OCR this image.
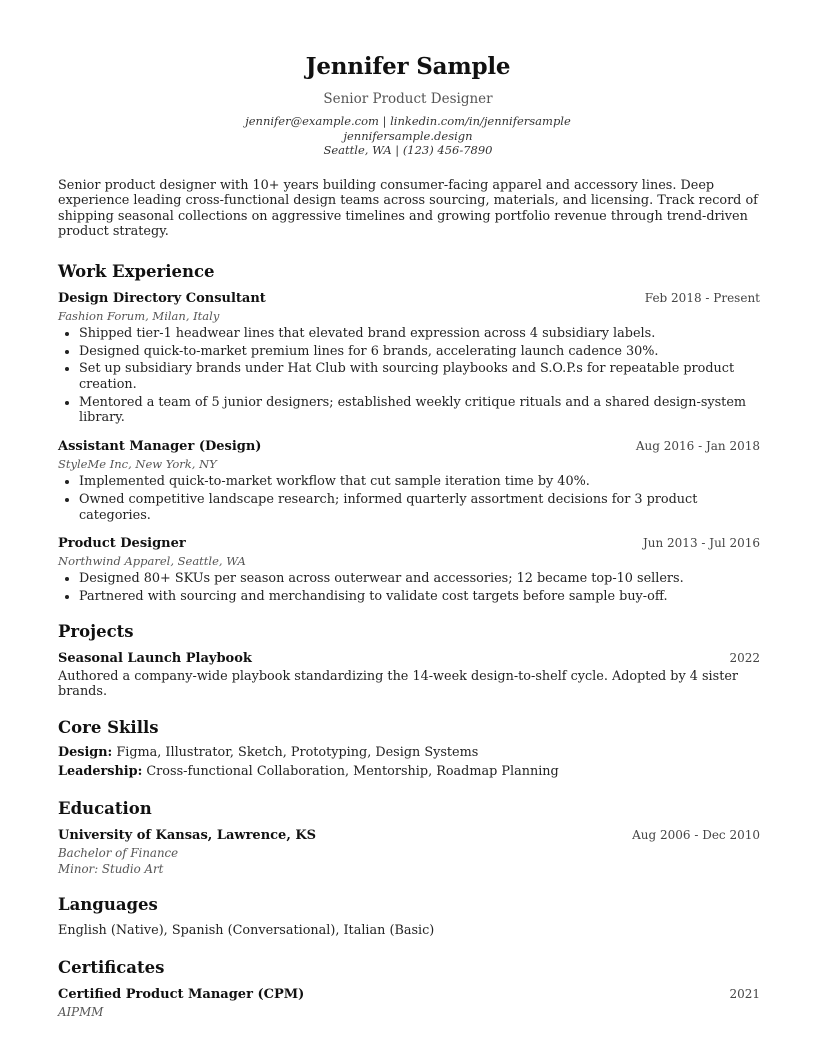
Jennifer Sample
Senior Product Designer
jennifer@example.com | linkedin.com/in/jennifersample
jennifersample.design
Seattle, WA | (123) 456-7890

Senior product designer with 10+ years building consumer-facing apparel and accessory lines. Deep experience leading cross-functional design teams across sourcing, materials, and licensing. Track record of shipping seasonal collections on aggressive timelines and growing portfolio revenue through trend-driven product strategy.

Work Experience
Design Directory Consultant	Feb 2018 - Present
Fashion Forum, Milan, Italy
• Shipped tier-1 headwear lines that elevated brand expression across 4 subsidiary labels.
• Designed quick-to-market premium lines for 6 brands, accelerating launch cadence 30%.
• Set up subsidiary brands under Hat Club with sourcing playbooks and S.O.P.s for repeatable product creation.
• Mentored a team of 5 junior designers; established weekly critique rituals and a shared design-system library.
Assistant Manager (Design)	Aug 2016 - Jan 2018
StyleMe Inc, New York, NY
• Implemented quick-to-market workflow that cut sample iteration time by 40%.
• Owned competitive landscape research; informed quarterly assortment decisions for 3 product categories.
Product Designer	Jun 2013 - Jul 2016
Northwind Apparel, Seattle, WA
• Designed 80+ SKUs per season across outerwear and accessories; 12 became top-10 sellers.
• Partnered with sourcing and merchandising to validate cost targets before sample buy-off.
Projects
Seasonal Launch Playbook	2022

Authored a company-wide playbook standardizing the 14-week design-to-shelf cycle. Adopted by 4 sister brands.

Core Skills
Design: Figma, Illustrator, Sketch, Prototyping, Design Systems
Leadership: Cross-functional Collaboration, Mentorship, Roadmap Planning
Education
University of Kansas, Lawrence, KS	Aug 2006 - Dec 2010
Bachelor of Finance
Minor: Studio Art
Languages
English (Native), Spanish (Conversational), Italian (Basic)
Certificates
Certified Product Manager (CPM)	2021
AIPMM
